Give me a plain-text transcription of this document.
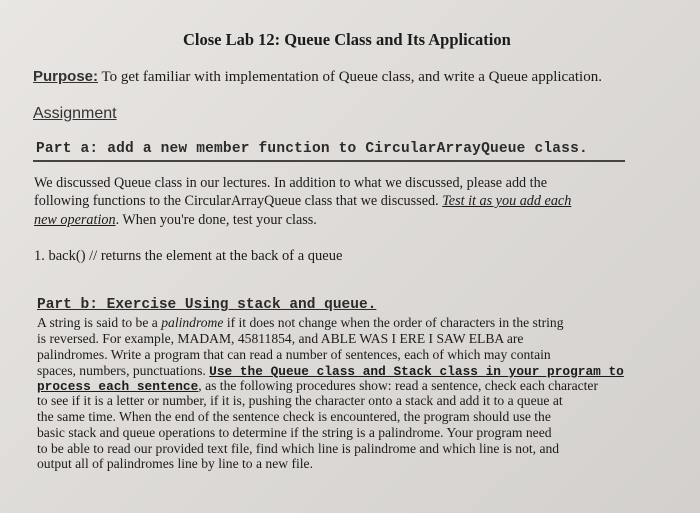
Close Lab 12: Queue Class and Its Application
Purpose: To get familiar with implementation of Queue class, and write a Queue application.
Assignment
Part a: add a new member function to CircularArrayQueue class.
We discussed Queue class in our lectures. In addition to what we discussed, please add the
following functions to the CircularArrayQueue class that we discussed. Test it as you add each
new operation. When you're done, test your class.
1. back() // returns the element at the back of a queue
Part b: Exercise Using stack and queue.
A string is said to be a palindrome if it does not change when the order of characters in the string
is reversed. For example, MADAM, 45811854, and ABLE WAS I ERE I SAW ELBA are
palindromes. Write a program that can read a number of sentences, each of which may contain
spaces, numbers, punctuations. Use the Queue class and Stack class in your program to
process each sentence, as the following procedures show: read a sentence, check each character
to see if it is a letter or number, if it is, pushing the character onto a stack and add it to a queue at
the same time. When the end of the sentence check is encountered, the program should use the
basic stack and queue operations to determine if the string is a palindrome. Your program need
to be able to read our provided text file, find which line is palindrome and which line is not, and
output all of palindromes line by line to a new file.
